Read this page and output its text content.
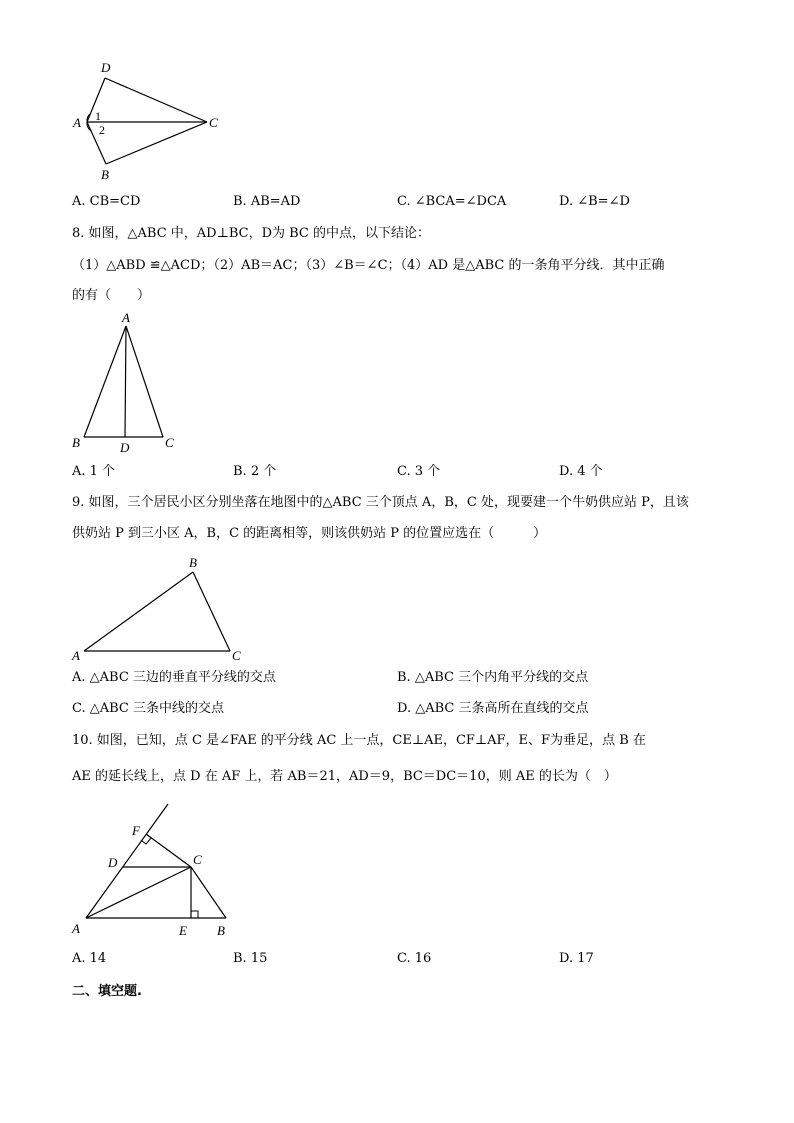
D
A	C
B
1
2
A. CB=CD	B. AB=AD	C. ∠BCA=∠DCA	D. ∠B=∠D
8. 如图，△ABC 中，AD⊥BC，D为 BC 的中点，以下结论：
（1）△ABD ≌△ACD；（2）AB＝AC；（3）∠B＝∠C；（4）AD 是△ABC 的一条角平分线．其中正确
的有（　　）
A
B	D	C
A. 1 个	B. 2 个	C. 3 个	D. 4 个
9. 如图，三个居民小区分别坐落在地图中的△ABC 三个顶点 A，B，C 处，现要建一个牛奶供应站 P，且该
供奶站 P 到三小区 A，B，C 的距离相等，则该供奶站 P 的位置应选在（　　　）
B
A	C
A. △ABC 三边的垂直平分线的交点	B. △ABC 三个内角平分线的交点
C. △ABC 三条中线的交点	D. △ABC 三条高所在直线的交点
10. 如图，已知，点 C 是∠FAE 的平分线 AC 上一点，CE⊥AE，CF⊥AF，E、F为垂足，点 B 在
AE 的延长线上，点 D 在 AF 上，若 AB＝21，AD＝9，BC＝DC＝10，则 AE 的长为（　）
F
D	C
A	E B
A. 14	B. 15	C. 16	D. 17
二、填空题.
